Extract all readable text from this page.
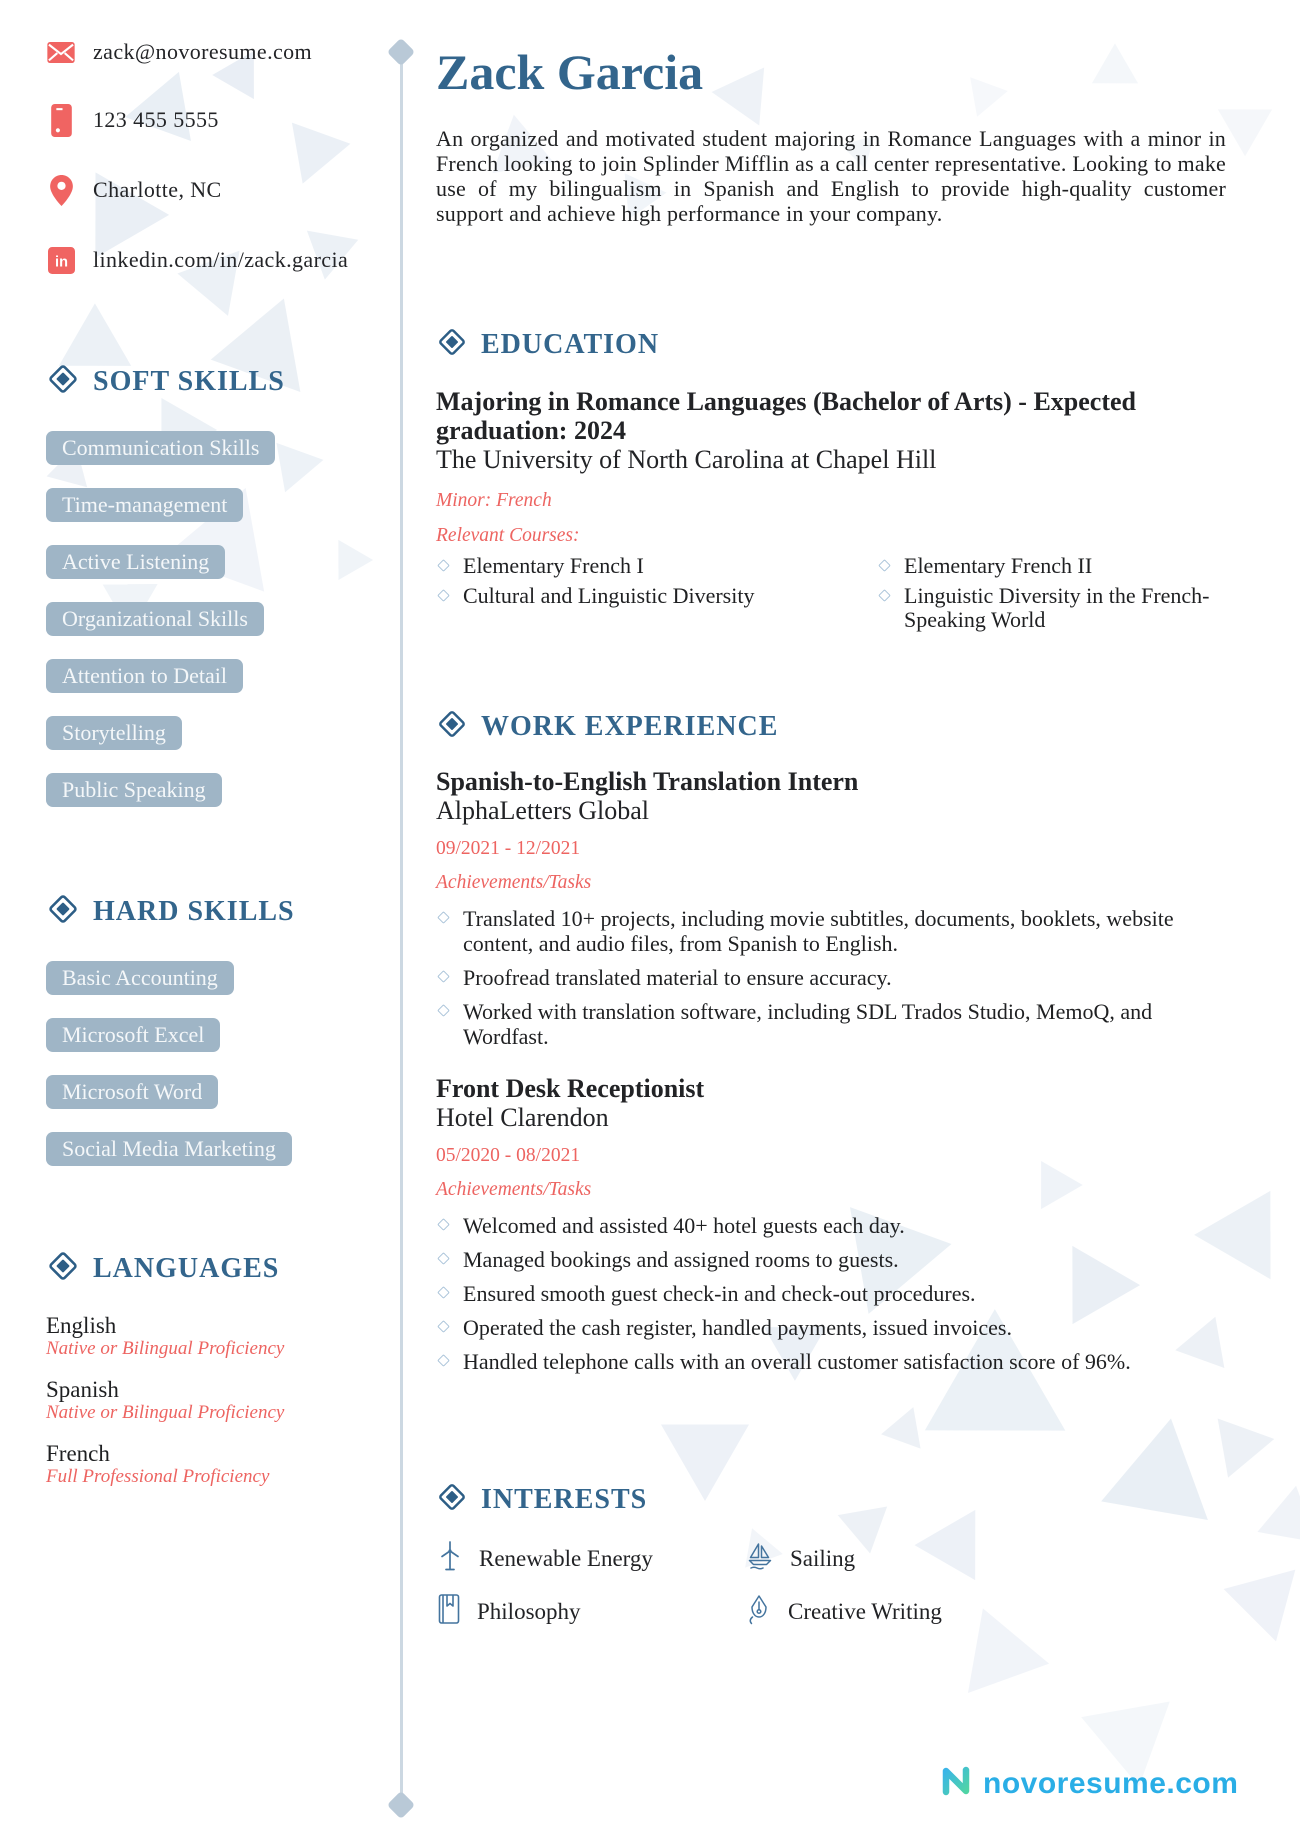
zack@novoresume.com
123 455 5555
Charlotte, NC
in linkedin.com/in/zack.garcia
SOFT SKILLS
Communication Skills
Time-management
Active Listening
Organizational Skills
Attention to Detail
Storytelling
Public Speaking
HARD SKILLS
Basic Accounting
Microsoft Excel
Microsoft Word
Social Media Marketing
LANGUAGES
English
Native or Bilingual Proficiency
Spanish
Native or Bilingual Proficiency
French
Full Professional Proficiency
Zack Garcia

An organized and motivated student majoring in Romance Languages with a minor in French looking to join Splinder Mifflin as a call center representative. Looking to make use of my bilingualism in Spanish and English to provide high-quality customer support and achieve high performance in your company.

EDUCATION
Majoring in Romance Languages (Bachelor of Arts) - Expected graduation: 2024
The University of North Carolina at Chapel Hill
Minor: French
Relevant Courses:
Elementary French I	Elementary French II
Cultural and Linguistic Diversity	Linguistic Diversity in the French-Speaking World
WORK EXPERIENCE
Spanish-to-English Translation Intern
AlphaLetters Global
09/2021 - 12/2021
Achievements/Tasks
Translated 10+ projects, including movie subtitles, documents, booklets, website content, and audio files, from Spanish to English.
Proofread translated material to ensure accuracy.
Worked with translation software, including SDL Trados Studio, MemoQ, and Wordfast.
Front Desk Receptionist
Hotel Clarendon
05/2020 - 08/2021
Achievements/Tasks
Welcomed and assisted 40+ hotel guests each day.
Managed bookings and assigned rooms to guests.
Ensured smooth guest check-in and check-out procedures.
Operated the cash register, handled payments, issued invoices.
Handled telephone calls with an overall customer satisfaction score of 96%.
INTERESTS
Renewable Energy	Sailing
Philosophy	Creative Writing
novoresume.com
